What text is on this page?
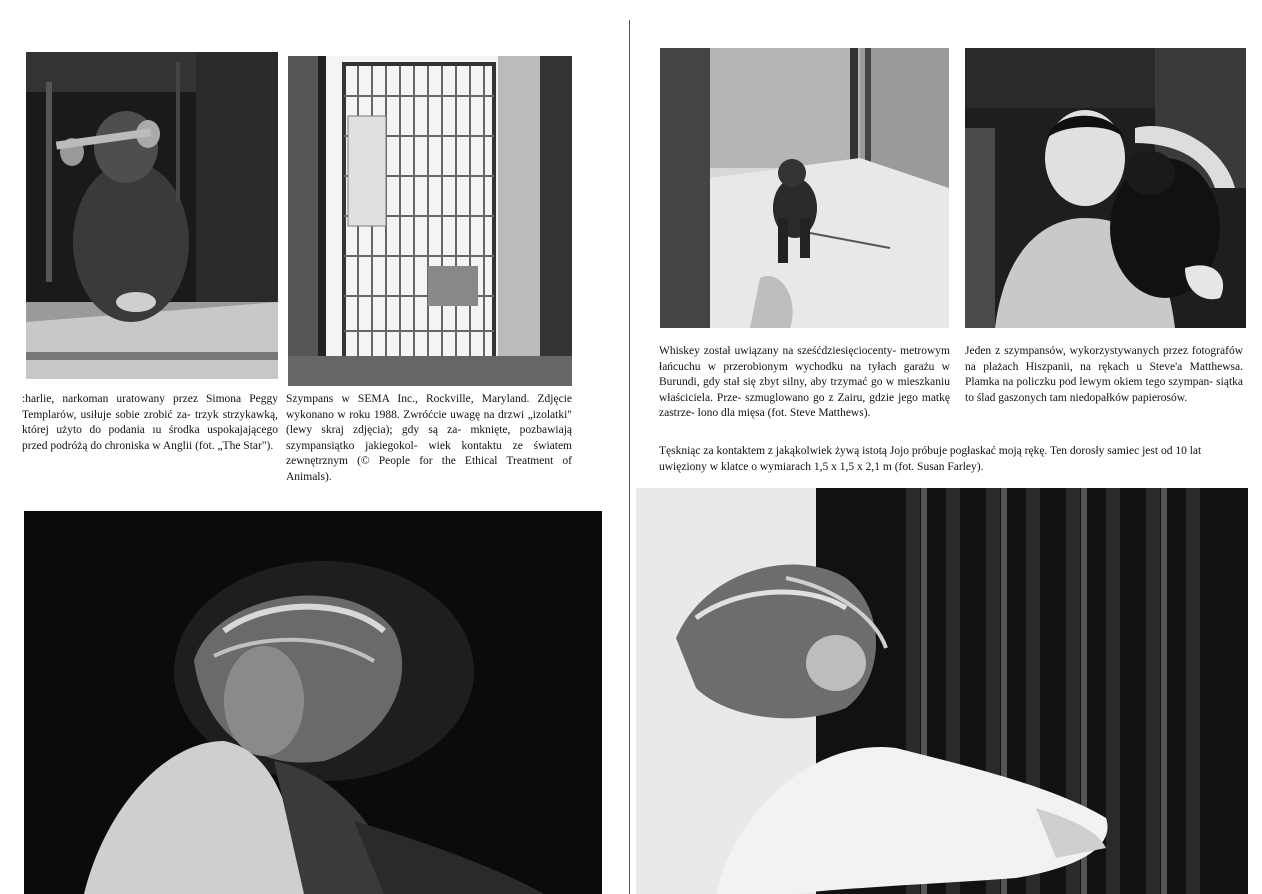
:harlie, narkoman uratowany przez Simona Peggy Templarów, usiłuje sobie zrobić za- trzyk strzykawką, której użyto do podania ıu środka uspokajającego przed podróżą do chroniska w Anglii (fot. „The Star").

Szympans w SEMA Inc., Rockville, Maryland. Zdjęcie wykonano w roku 1988. Zwróćcie uwagę na drzwi „izolatki" (lewy skraj zdjęcia); gdy są za- mknięte, pozbawiają szympansiątko jakiegokol- wiek kontaktu ze światem zewnętrznym (© People for the Ethical Treatment of Animals).

Whiskey został uwiązany na sześćdziesięciocenty- metrowym łańcuchu w przerobionym wychodku na tyłach garażu w Burundi, gdy stał się zbyt silny, aby trzymać go w mieszkaniu właściciela. Prze- szmuglowano go z Zairu, gdzie jego matkę zastrze- lono dla mięsa (fot. Steve Matthews).

Jeden z szympansów, wykorzystywanych przez fotografów na plażach Hiszpanii, na rękach u Steve'a Matthewsa. Plamka na policzku pod lewym okiem tego szympan- siątka to ślad gaszonych tam niedopałków papierosów.

Tęskniąc za kontaktem z jakąkolwiek żywą istotą Jojo próbuje pogłaskać moją rękę. Ten dorosły samiec jest od 10 lat uwięziony w klatce o wymiarach 1,5 x 1,5 x 2,1 m (fot. Susan Farley).
